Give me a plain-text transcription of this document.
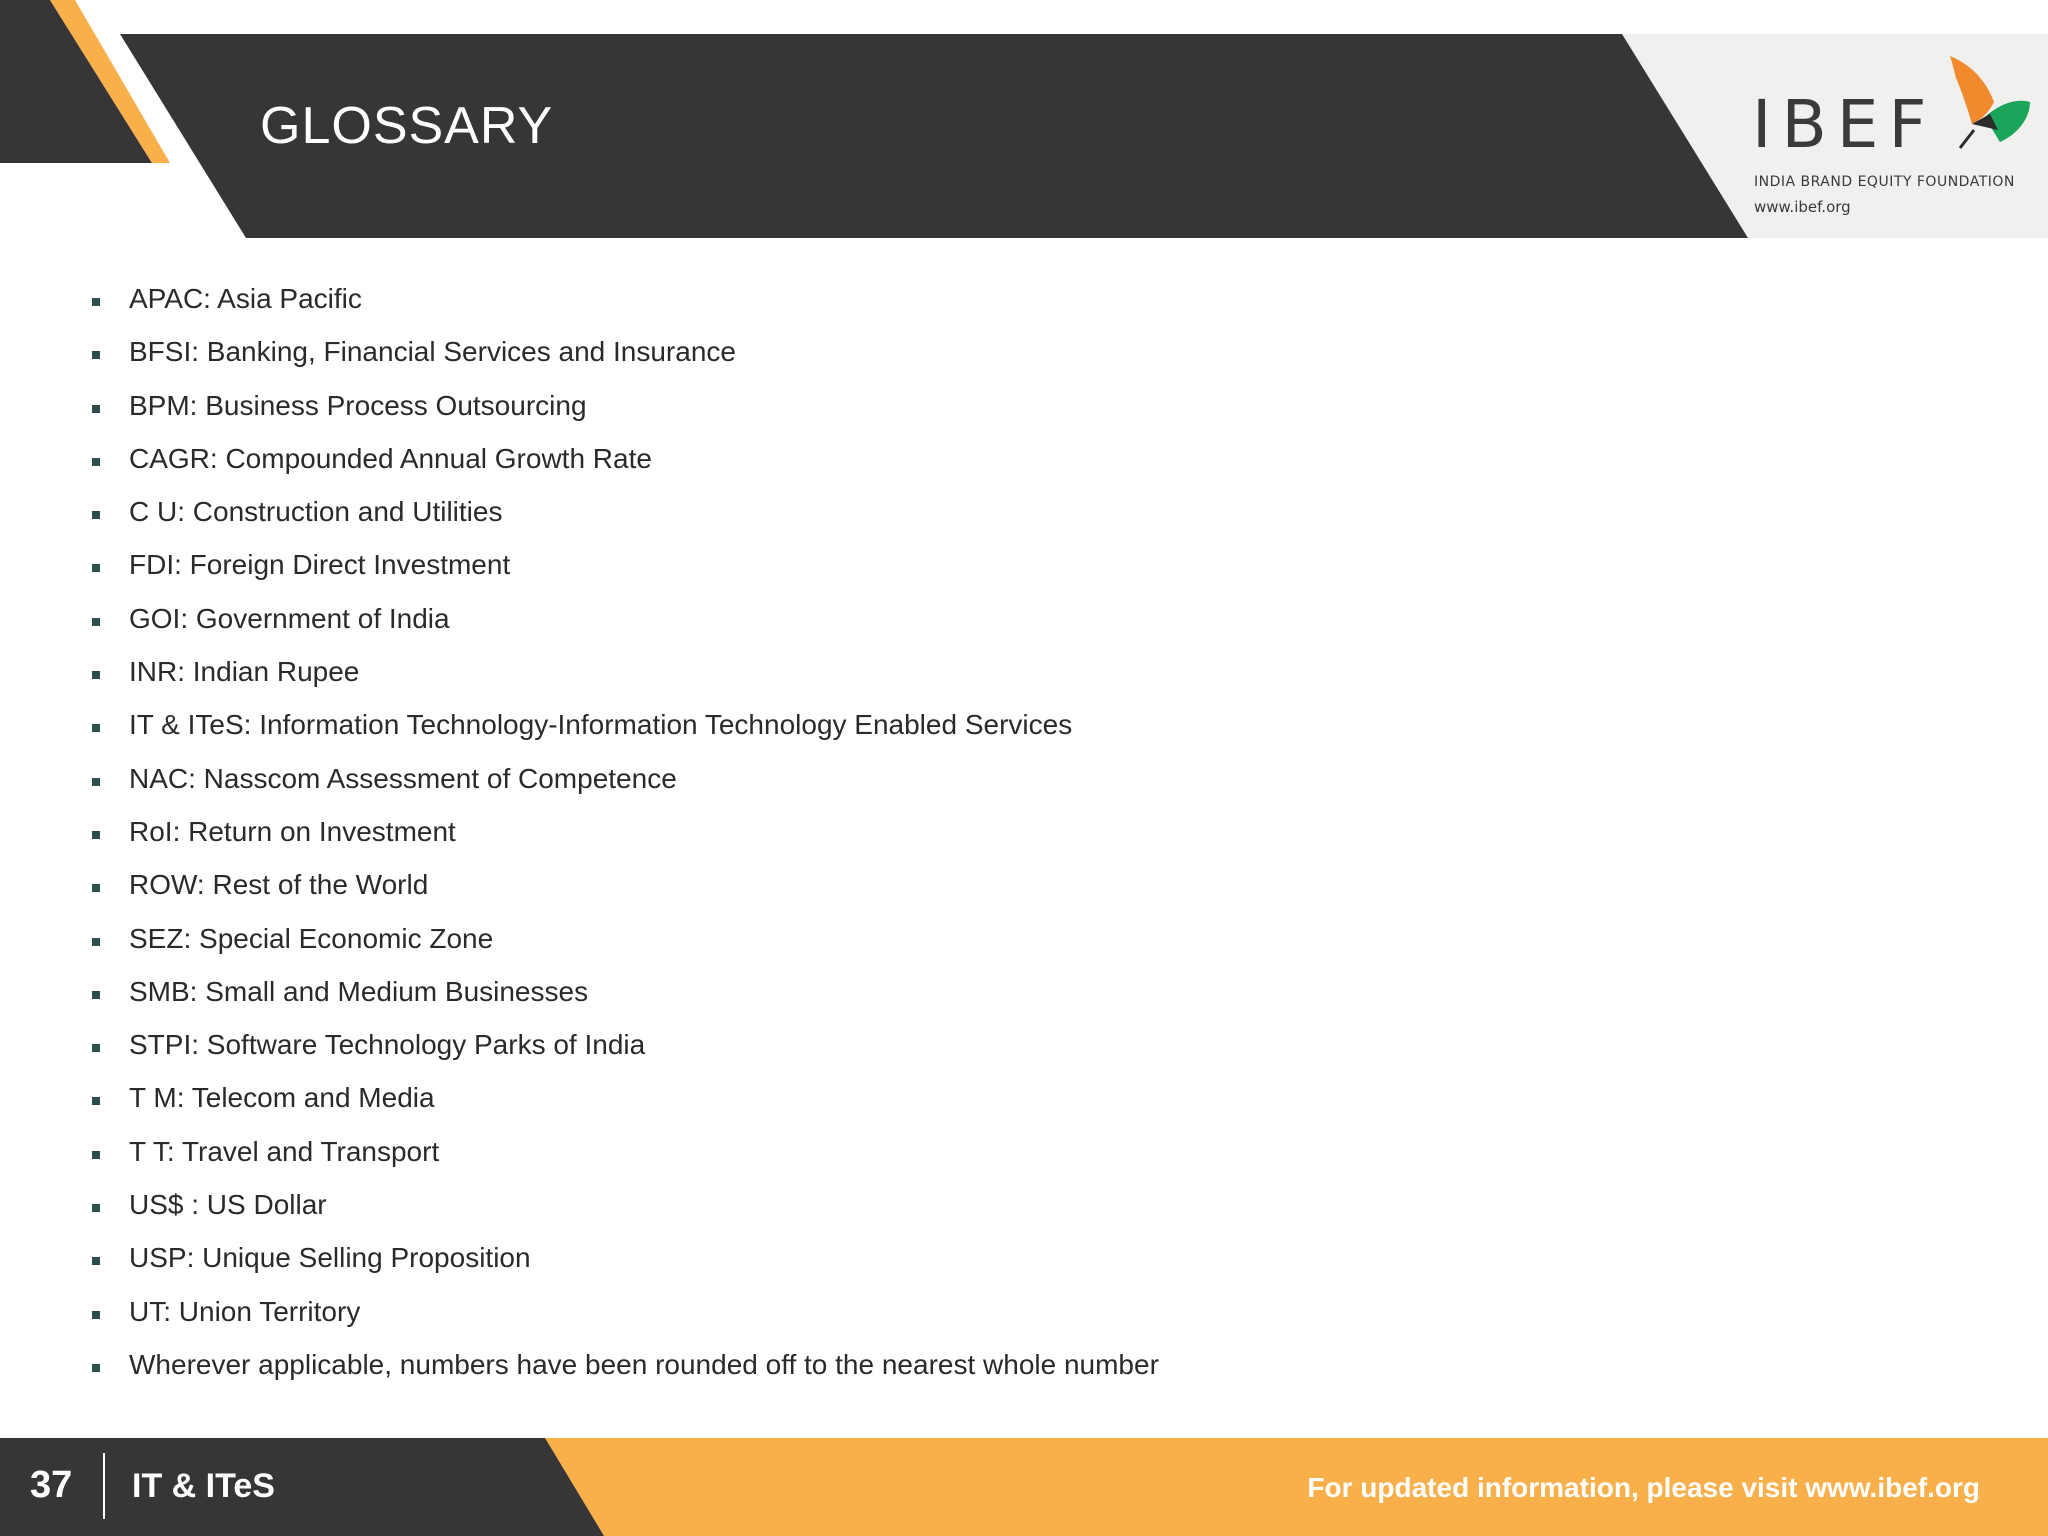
GLOSSARY	IBEF
INDIA BRAND EQUITY FOUNDATION
www.ibef.org
APAC: Asia Pacific
BFSI: Banking, Financial Services and Insurance
BPM: Business Process Outsourcing
CAGR: Compounded Annual Growth Rate
C U: Construction and Utilities
FDI: Foreign Direct Investment
GOI: Government of India
INR: Indian Rupee
IT & ITeS: Information Technology-Information Technology Enabled Services
NAC: Nasscom Assessment of Competence
RoI: Return on Investment
ROW: Rest of the World
SEZ: Special Economic Zone
SMB: Small and Medium Businesses
STPI: Software Technology Parks of India
T M: Telecom and Media
T T: Travel and Transport
US$ : US Dollar
USP: Unique Selling Proposition
UT: Union Territory
Wherever applicable, numbers have been rounded off to the nearest whole number
37 IT & ITeS	For updated information, please visit www.ibef.org
